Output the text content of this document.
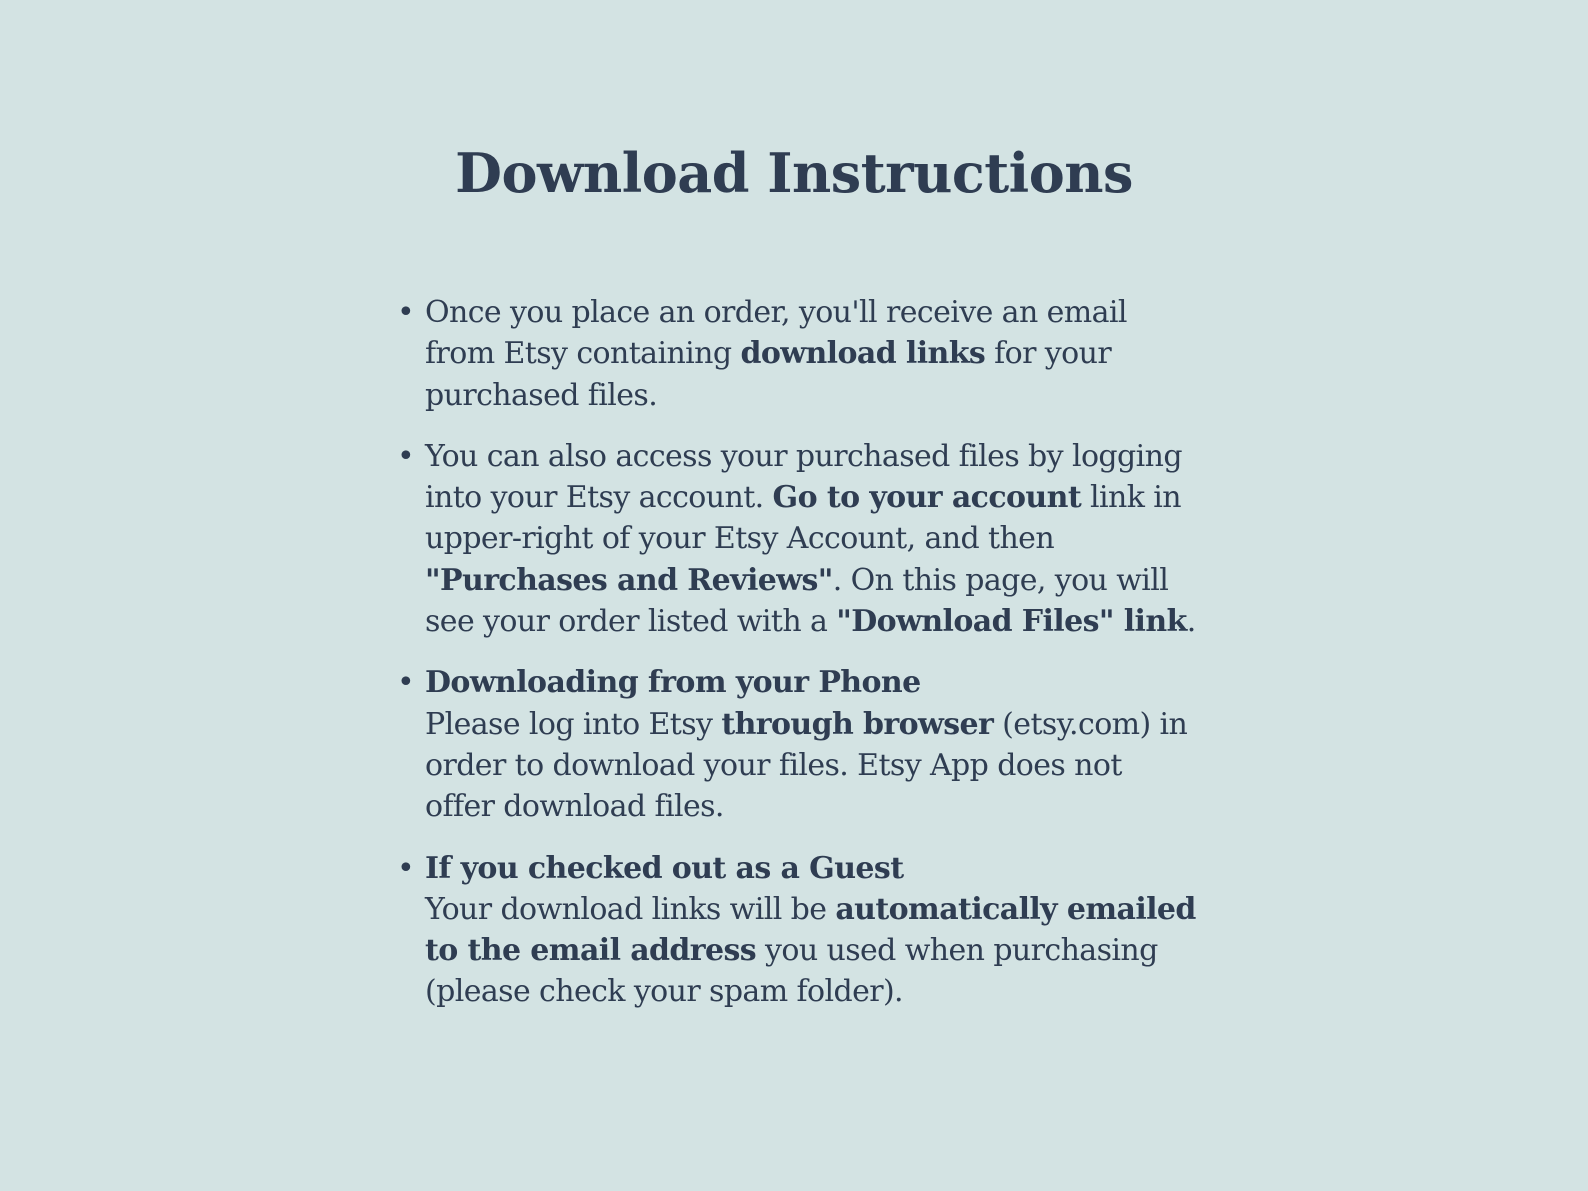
Download Instructions
• Once you place an order, you'll receive an email from Etsy containing download links for your purchased files.
• You can also access your purchased files by logging into your Etsy account. Go to your account link in upper-right of your Etsy Account, and then "Purchases and Reviews". On this page, you will see your order listed with a "Download Files" link.
• Downloading from your Phone
Please log into Etsy through browser (etsy.com) in order to download your files. Etsy App does not offer download files.
• If you checked out as a Guest
Your download links will be automatically emailed to the email address you used when purchasing (please check your spam folder).
